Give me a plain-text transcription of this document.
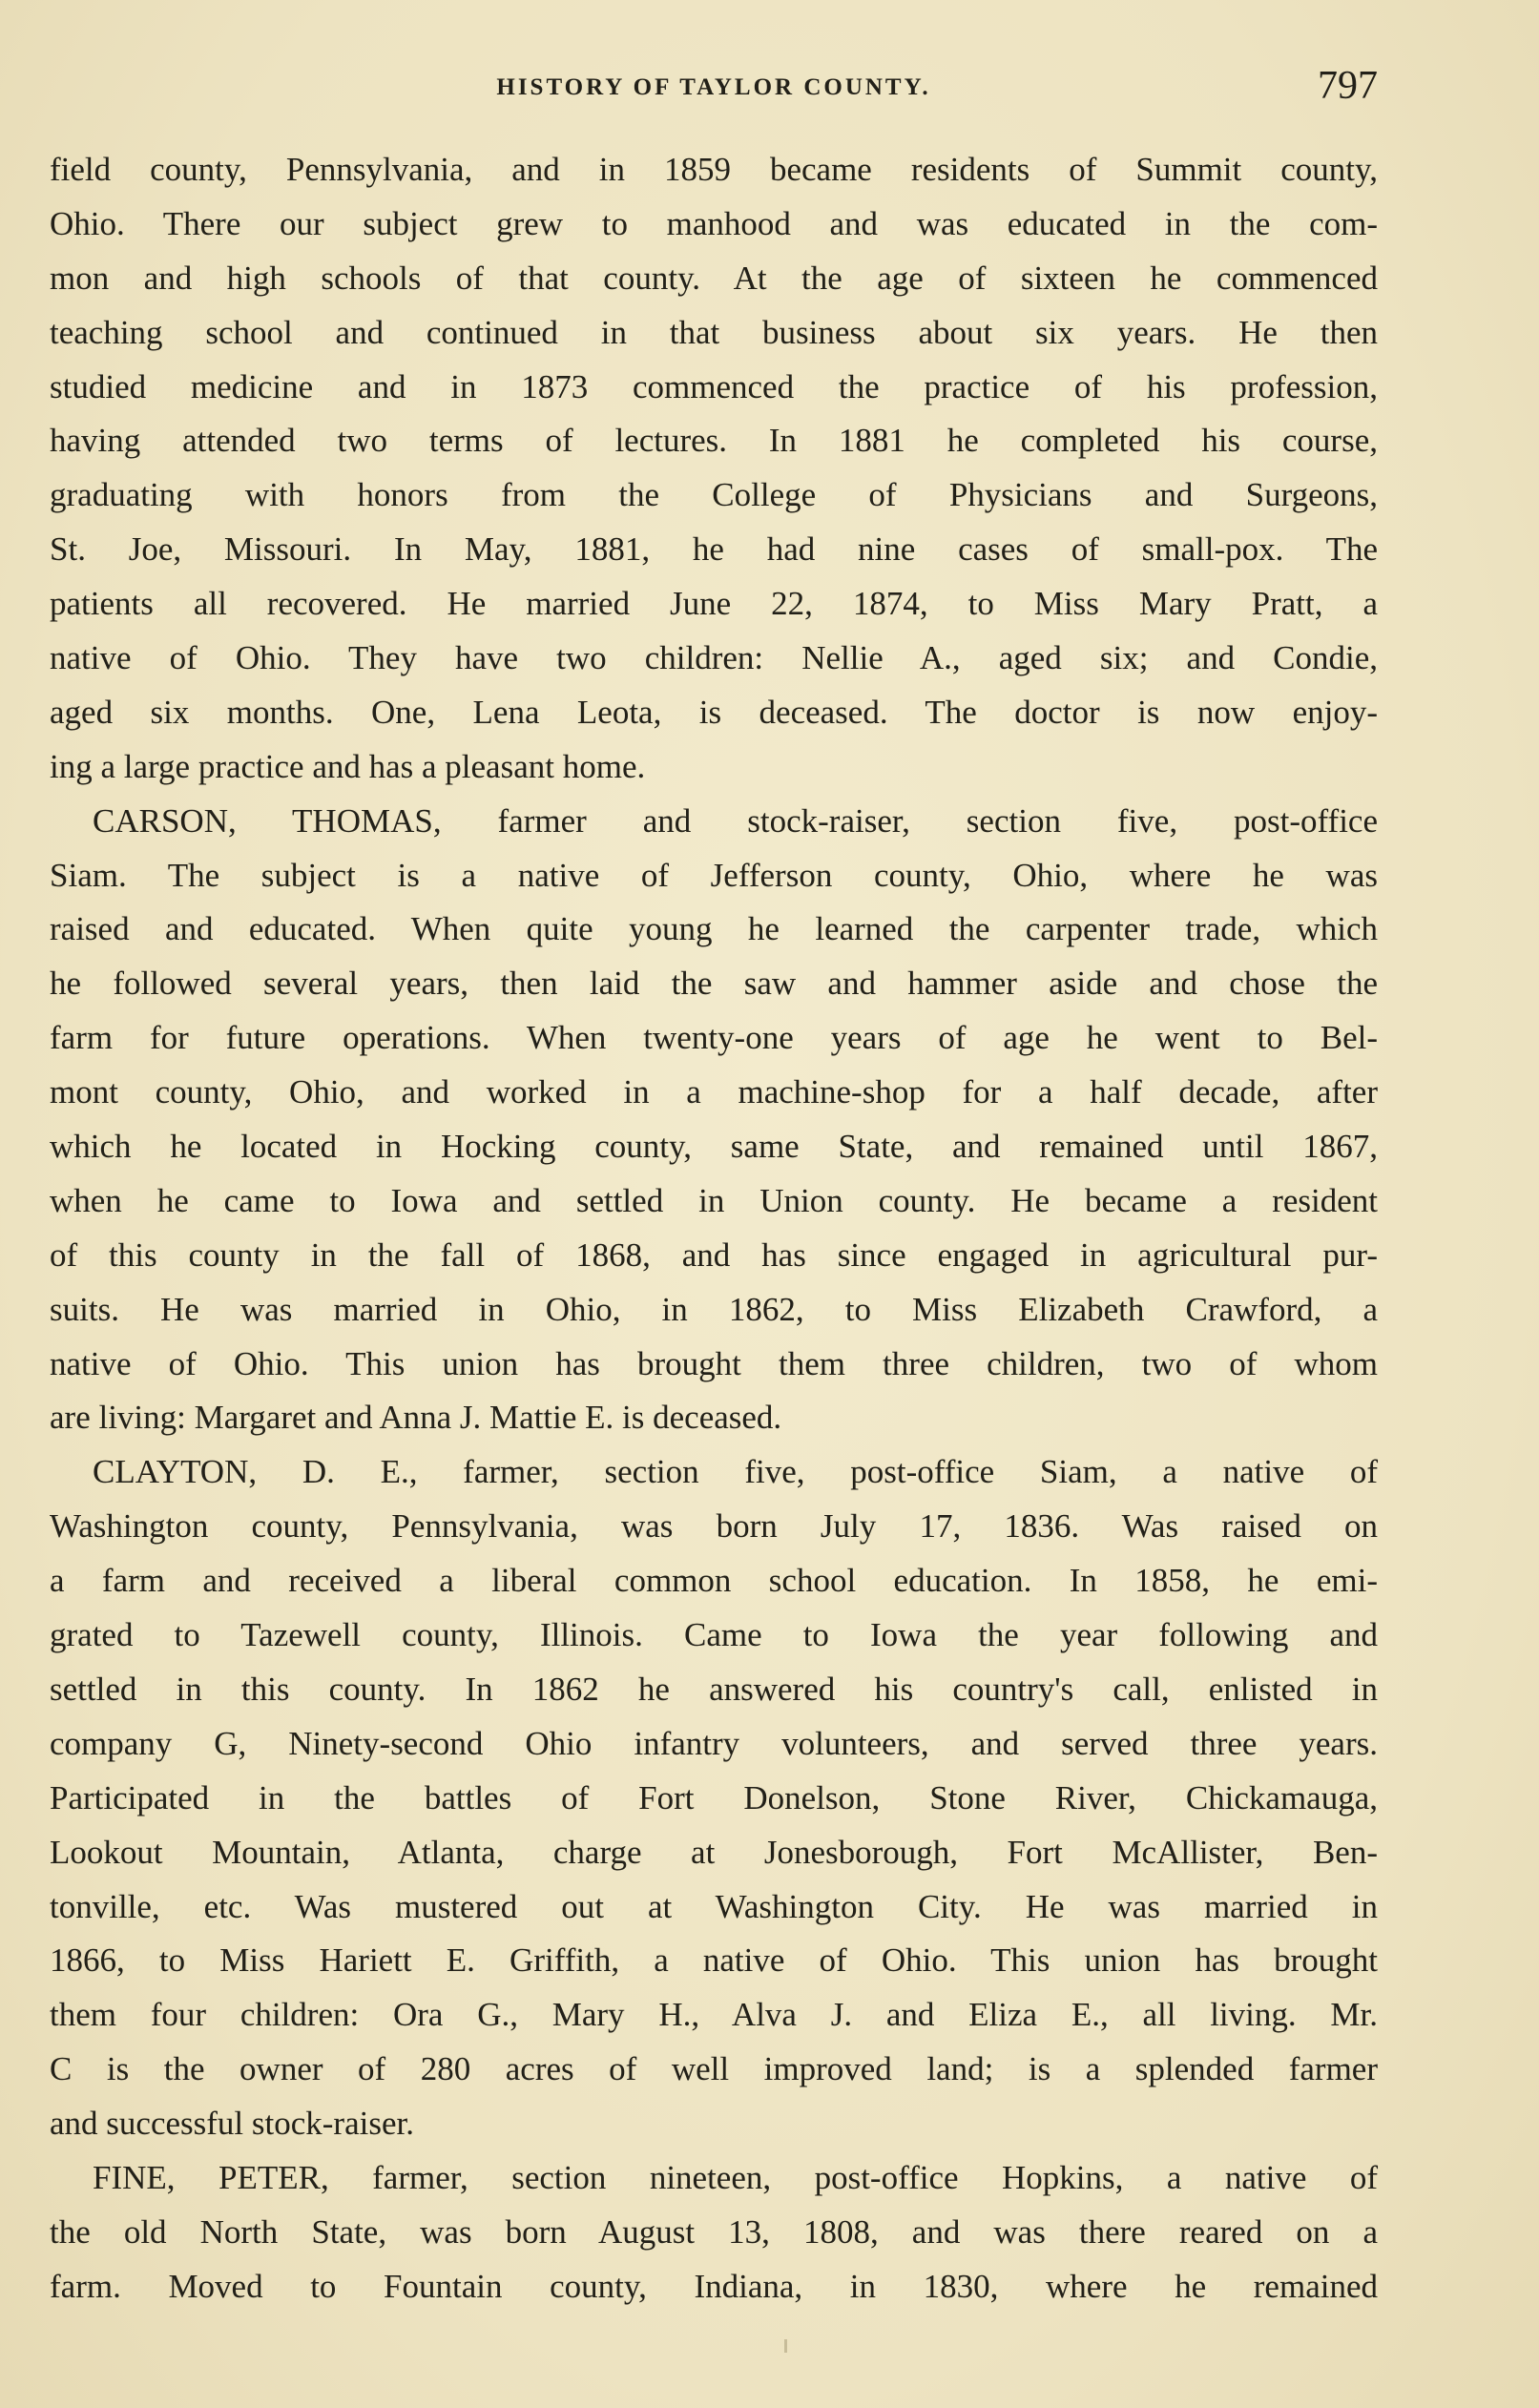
HISTORY OF TAYLOR COUNTY.	797
field county, Pennsylvania, and in 1859 became residents of Summit county,
Ohio. There our subject grew to manhood and was educated in the com-
mon and high schools of that county. At the age of sixteen he commenced
teaching school and continued in that business about six years. He then
studied medicine and in 1873 commenced the practice of his profession,
having attended two terms of lectures. In 1881 he completed his course,
graduating with honors from the College of Physicians and Surgeons,
St. Joe, Missouri. In May, 1881, he had nine cases of small-pox. The
patients all recovered. He married June 22, 1874, to Miss Mary Pratt, a
native of Ohio. They have two children: Nellie A., aged six; and Condie,
aged six months. One, Lena Leota, is deceased. The doctor is now enjoy-
ing a large practice and has a pleasant home.
CARSON, THOMAS, farmer and stock-raiser, section five, post-office
Siam. The subject is a native of Jefferson county, Ohio, where he was
raised and educated. When quite young he learned the carpenter trade, which
he followed several years, then laid the saw and hammer aside and chose the
farm for future operations. When twenty-one years of age he went to Bel-
mont county, Ohio, and worked in a machine-shop for a half decade, after
which he located in Hocking county, same State, and remained until 1867,
when he came to Iowa and settled in Union county. He became a resident
of this county in the fall of 1868, and has since engaged in agricultural pur-
suits. He was married in Ohio, in 1862, to Miss Elizabeth Crawford, a
native of Ohio. This union has brought them three children, two of whom
are living: Margaret and Anna J. Mattie E. is deceased.
CLAYTON, D. E., farmer, section five, post-office Siam, a native of
Washington county, Pennsylvania, was born July 17, 1836. Was raised on
a farm and received a liberal common school education. In 1858, he emi-
grated to Tazewell county, Illinois. Came to Iowa the year following and
settled in this county. In 1862 he answered his country's call, enlisted in
company G, Ninety-second Ohio infantry volunteers, and served three years.
Participated in the battles of Fort Donelson, Stone River, Chickamauga,
Lookout Mountain, Atlanta, charge at Jonesborough, Fort McAllister, Ben-
tonville, etc. Was mustered out at Washington City. He was married in
1866, to Miss Hariett E. Griffith, a native of Ohio. This union has brought
them four children: Ora G., Mary H., Alva J. and Eliza E., all living. Mr.
C is the owner of 280 acres of well improved land; is a splended farmer
and successful stock-raiser.
FINE, PETER, farmer, section nineteen, post-office Hopkins, a native of
the old North State, was born August 13, 1808, and was there reared on a
farm. Moved to Fountain county, Indiana, in 1830, where he remained
